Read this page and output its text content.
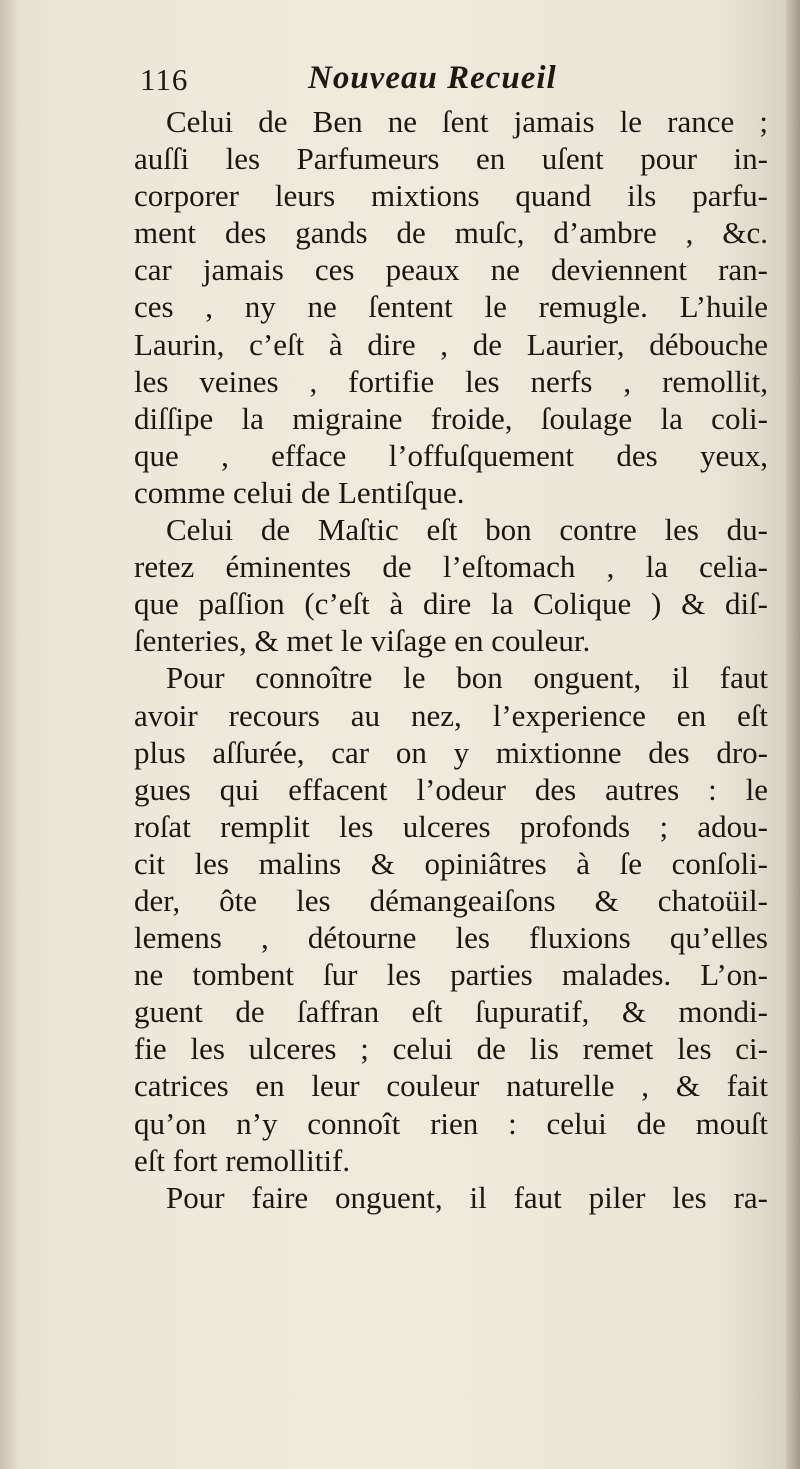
116	Nouveau Recueil
Celui de Ben ne ſent jamais le rance ;
auſſi les Parfumeurs en uſent pour in-
corporer leurs mixtions quand ils parfu-
ment des gands de muſc, d’ambre , &c.
car jamais ces peaux ne deviennent ran-
ces , ny ne ſentent le remugle. L’huile
Laurin, c’eſt à dire , de Laurier, débouche
les veines , fortifie les nerfs , remollit,
diſſipe la migraine froide, ſoulage la coli-
que , efface l’offuſquement des yeux,
comme celui de Lentiſque.
Celui de Maſtic eſt bon contre les du-
retez éminentes de l’eſtomach , la celia-
que paſſion (c’eſt à dire la Colique ) & diſ-
ſenteries, & met le viſage en couleur.
Pour connoître le bon onguent, il faut
avoir recours au nez, l’experience en eſt
plus aſſurée, car on y mixtionne des dro-
gues qui effacent l’odeur des autres : le
roſat remplit les ulceres profonds ; adou-
cit les malins & opiniâtres à ſe conſoli-
der, ôte les démangeaiſons & chatoüil-
lemens , détourne les fluxions qu’elles
ne tombent ſur les parties malades. L’on-
guent de ſaffran eſt ſupuratif, & mondi-
fie les ulceres ; celui de lis remet les ci-
catrices en leur couleur naturelle , & fait
qu’on n’y connoît rien : celui de mouſt
eſt fort remollitif.
Pour faire onguent, il faut piler les ra-
